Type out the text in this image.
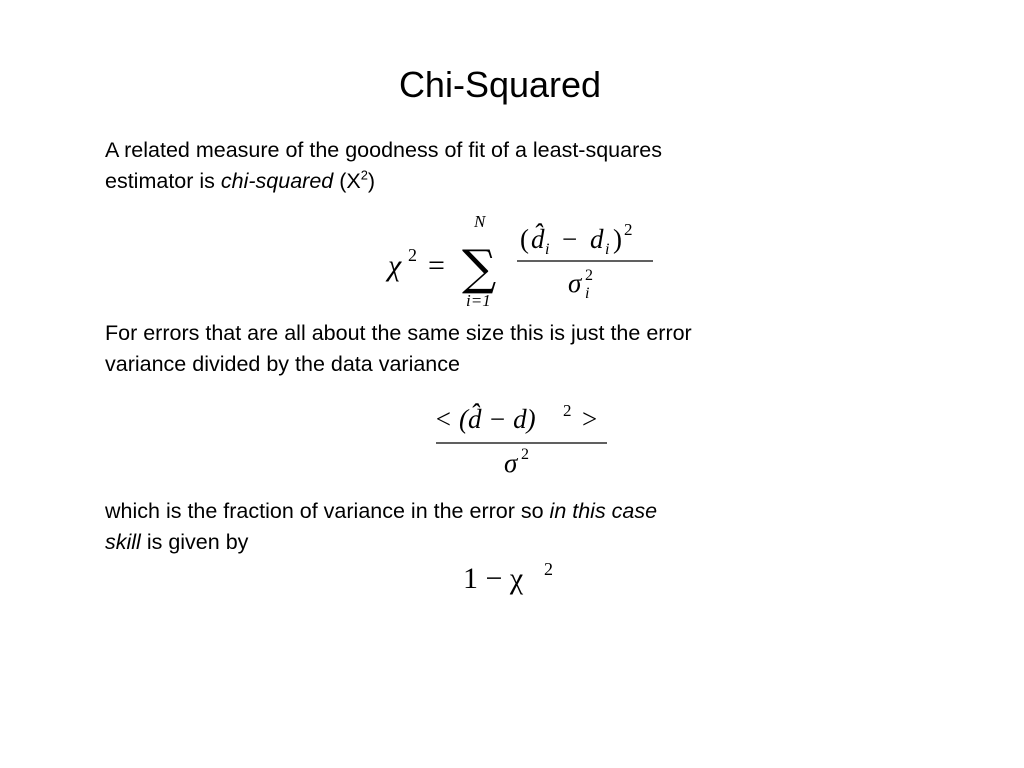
Chi-Squared
A related measure of the goodness of fit of a least-squares
estimator is chi-squared $(X^2)$
χ 2 = ∑
N
i=1
( d̂ i − d i ) 2
σ 2
i
For errors that are all about the same size this is just the error
variance divided by the data variance
< (d̂ − d) 2 >
σ 2
which is the fraction of variance in the error so in this case
skill is given by
1 − χ 2
